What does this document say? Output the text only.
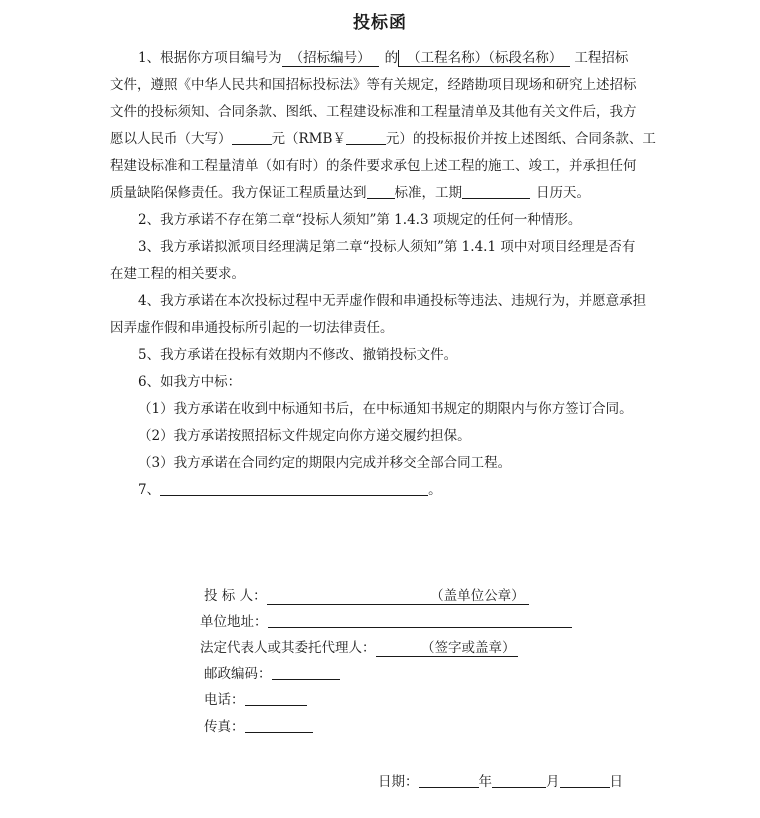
投标函
1、根据你方项目编号为 （招标编号） 的 （工程名称）（标段名称） 工程招标
文件，遵照《中华人民共和国招标投标法》等有关规定，经踏勘项目现场和研究上述招标
文件的投标须知、合同条款、图纸、工程建设标准和工程量清单及其他有关文件后，我方
愿以人民币（大写）	元（RMB￥	元）的投标报价并按上述图纸、合同条款、工
程建设标准和工程量清单（如有时）的条件要求承包上述工程的施工、竣工，并承担任何
质量缺陷保修责任。我方保证工程质量达到 标准，工期	日历天。
2、我方承诺不存在第二章“投标人须知”第 1.4.3 项规定的任何一种情形。
3、我方承诺拟派项目经理满足第二章“投标人须知”第 1.4.1 项中对项目经理是否有
在建工程的相关要求。
4、我方承诺在本次投标过程中无弄虚作假和串通投标等违法、违规行为，并愿意承担
因弄虚作假和串通投标所引起的一切法律责任。
5、我方承诺在投标有效期内不修改、撤销投标文件。
6、如我方中标：
（1）我方承诺在收到中标通知书后，在中标通知书规定的期限内与你方签订合同。
（2）我方承诺按照招标文件规定向你方递交履约担保。
（3）我方承诺在合同约定的期限内完成并移交全部合同工程。
7、	。
投 标 人：	（盖单位公章）
单位地址：
法定代表人或其委托代理人：	（签字或盖章）
邮政编码：
电话：
传真：
日期：	年	月	日
